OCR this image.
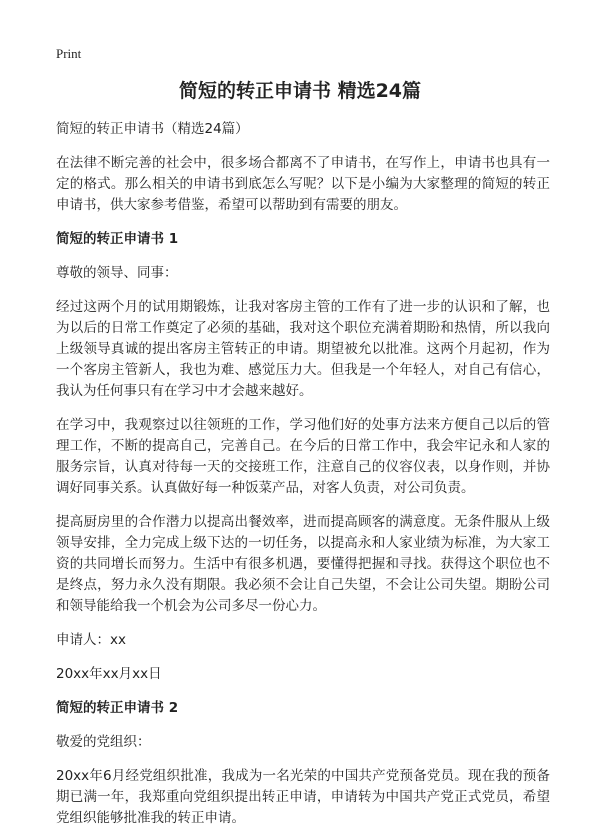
Print
简短的转正申请书 精选24篇

简短的转正申请书（精选24篇）

在法律不断完善的社会中，很多场合都离不了申请书，在写作上，申请书也具有一定的格式。那么相关的申请书到底怎么写呢？以下是小编为大家整理的简短的转正申请书，供大家参考借鉴，希望可以帮助到有需要的朋友。

简短的转正申请书 1

尊敬的领导、同事：

经过这两个月的试用期锻炼，让我对客房主管的工作有了进一步的认识和了解，也为以后的日常工作奠定了必须的基础，我对这个职位充满着期盼和热情，所以我向上级领导真诚的提出客房主管转正的申请。期望被允以批准。这两个月起初，作为一个客房主管新人，我也为难、感觉压力大。但我是一个年轻人，对自己有信心，我认为任何事只有在学习中才会越来越好。

在学习中，我观察过以往领班的工作，学习他们好的处事方法来方便自己以后的管理工作，不断的提高自己，完善自己。在今后的日常工作中，我会牢记永和人家的服务宗旨，认真对待每一天的交接班工作，注意自己的仪容仪表，以身作则，并协调好同事关系。认真做好每一种饭菜产品，对客人负责，对公司负责。

提高厨房里的合作潜力以提高出餐效率，进而提高顾客的满意度。无条件服从上级领导安排，全力完成上级下达的一切任务，以提高永和人家业绩为标准，为大家工资的共同增长而努力。生活中有很多机遇，要懂得把握和寻找。获得这个职位也不是终点，努力永久没有期限。我必须不会让自己失望，不会让公司失望。期盼公司和领导能给我一个机会为公司多尽一份心力。

申请人：xx

20xx年xx月xx日

简短的转正申请书 2

敬爱的党组织：

20xx年6月经党组织批准，我成为一名光荣的中国共产党预备党员。现在我的预备期已满一年，我郑重向党组织提出转正申请，申请转为中国共产党正式党员，希望党组织能够批准我的转正申请。
